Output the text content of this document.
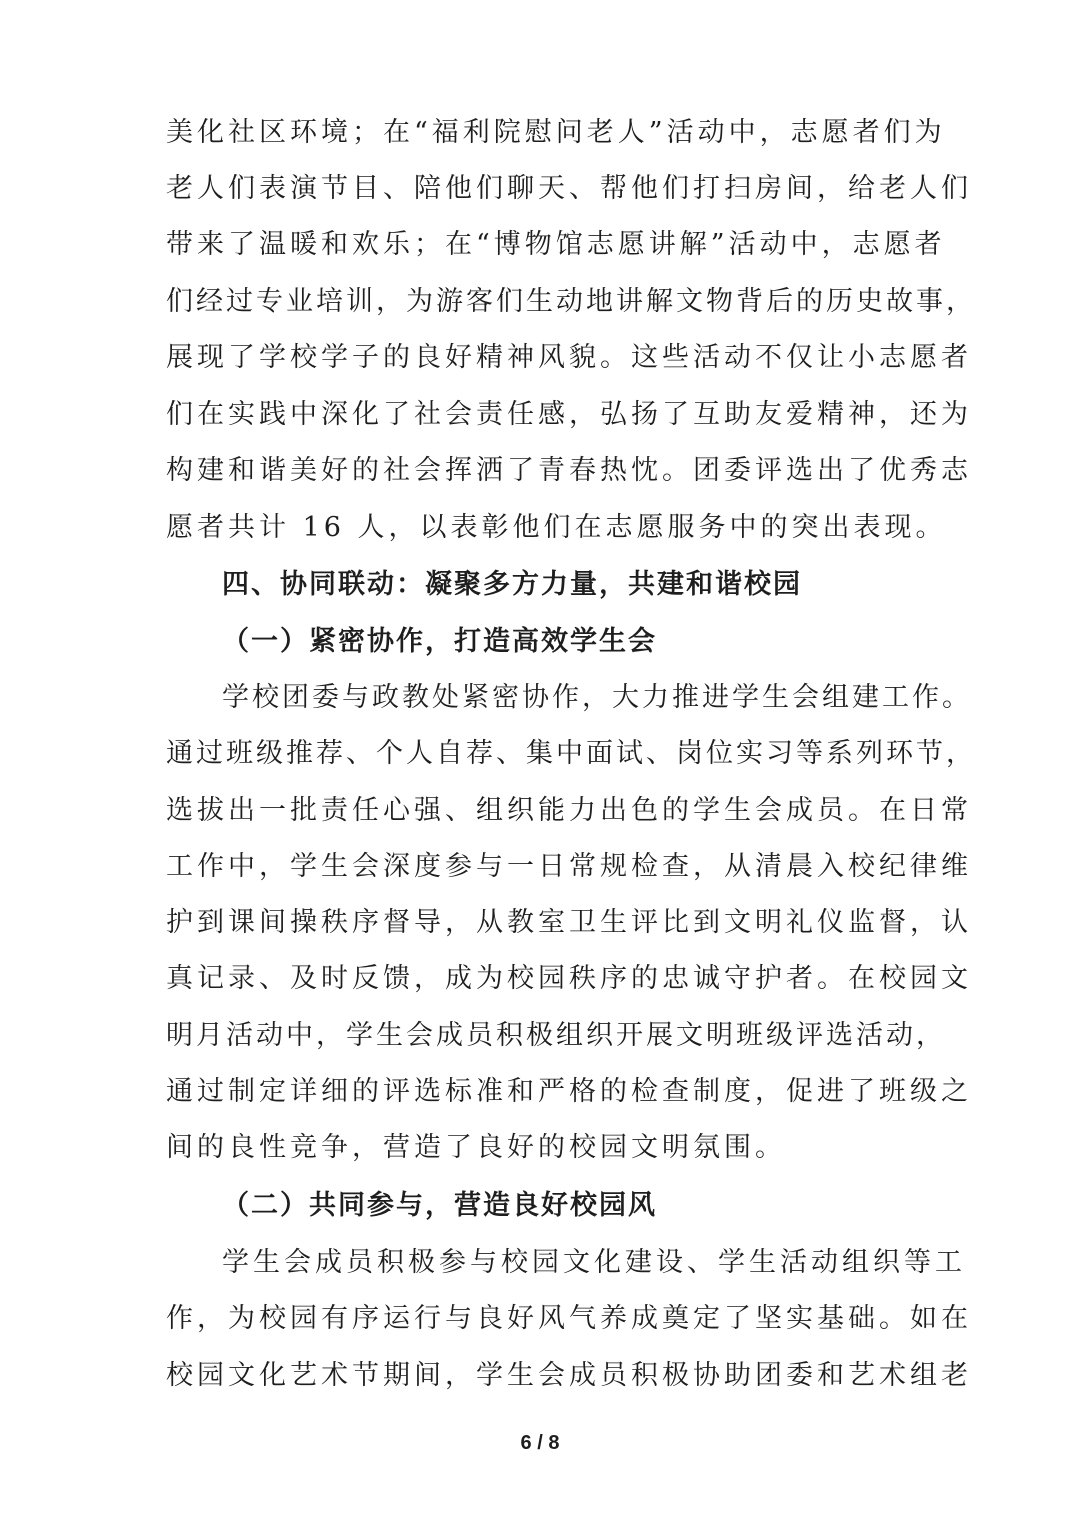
美化社区环境；在“福利院慰问老人”活动中，志愿者们为
老人们表演节目、陪他们聊天、帮他们打扫房间，给老人们
带来了温暖和欢乐；在“博物馆志愿讲解”活动中，志愿者
们经过专业培训，为游客们生动地讲解文物背后的历史故事，
展现了学校学子的良好精神风貌。这些活动不仅让小志愿者
们在实践中深化了社会责任感，弘扬了互助友爱精神，还为
构建和谐美好的社会挥洒了青春热忱。团委评选出了优秀志
愿者共计 16 人，以表彰他们在志愿服务中的突出表现。
四、协同联动：凝聚多方力量，共建和谐校园
（一）紧密协作，打造高效学生会
学校团委与政教处紧密协作，大力推进学生会组建工作。
通过班级推荐、个人自荐、集中面试、岗位实习等系列环节，
选拔出一批责任心强、组织能力出色的学生会成员。在日常
工作中，学生会深度参与一日常规检查，从清晨入校纪律维
护到课间操秩序督导，从教室卫生评比到文明礼仪监督，认
真记录、及时反馈，成为校园秩序的忠诚守护者。在校园文
明月活动中，学生会成员积极组织开展文明班级评选活动，
通过制定详细的评选标准和严格的检查制度，促进了班级之
间的良性竞争，营造了良好的校园文明氛围。
（二）共同参与，营造良好校园风
学生会成员积极参与校园文化建设、学生活动组织等工
作，为校园有序运行与良好风气养成奠定了坚实基础。如在
校园文化艺术节期间，学生会成员积极协助团委和艺术组老
6 / 8
